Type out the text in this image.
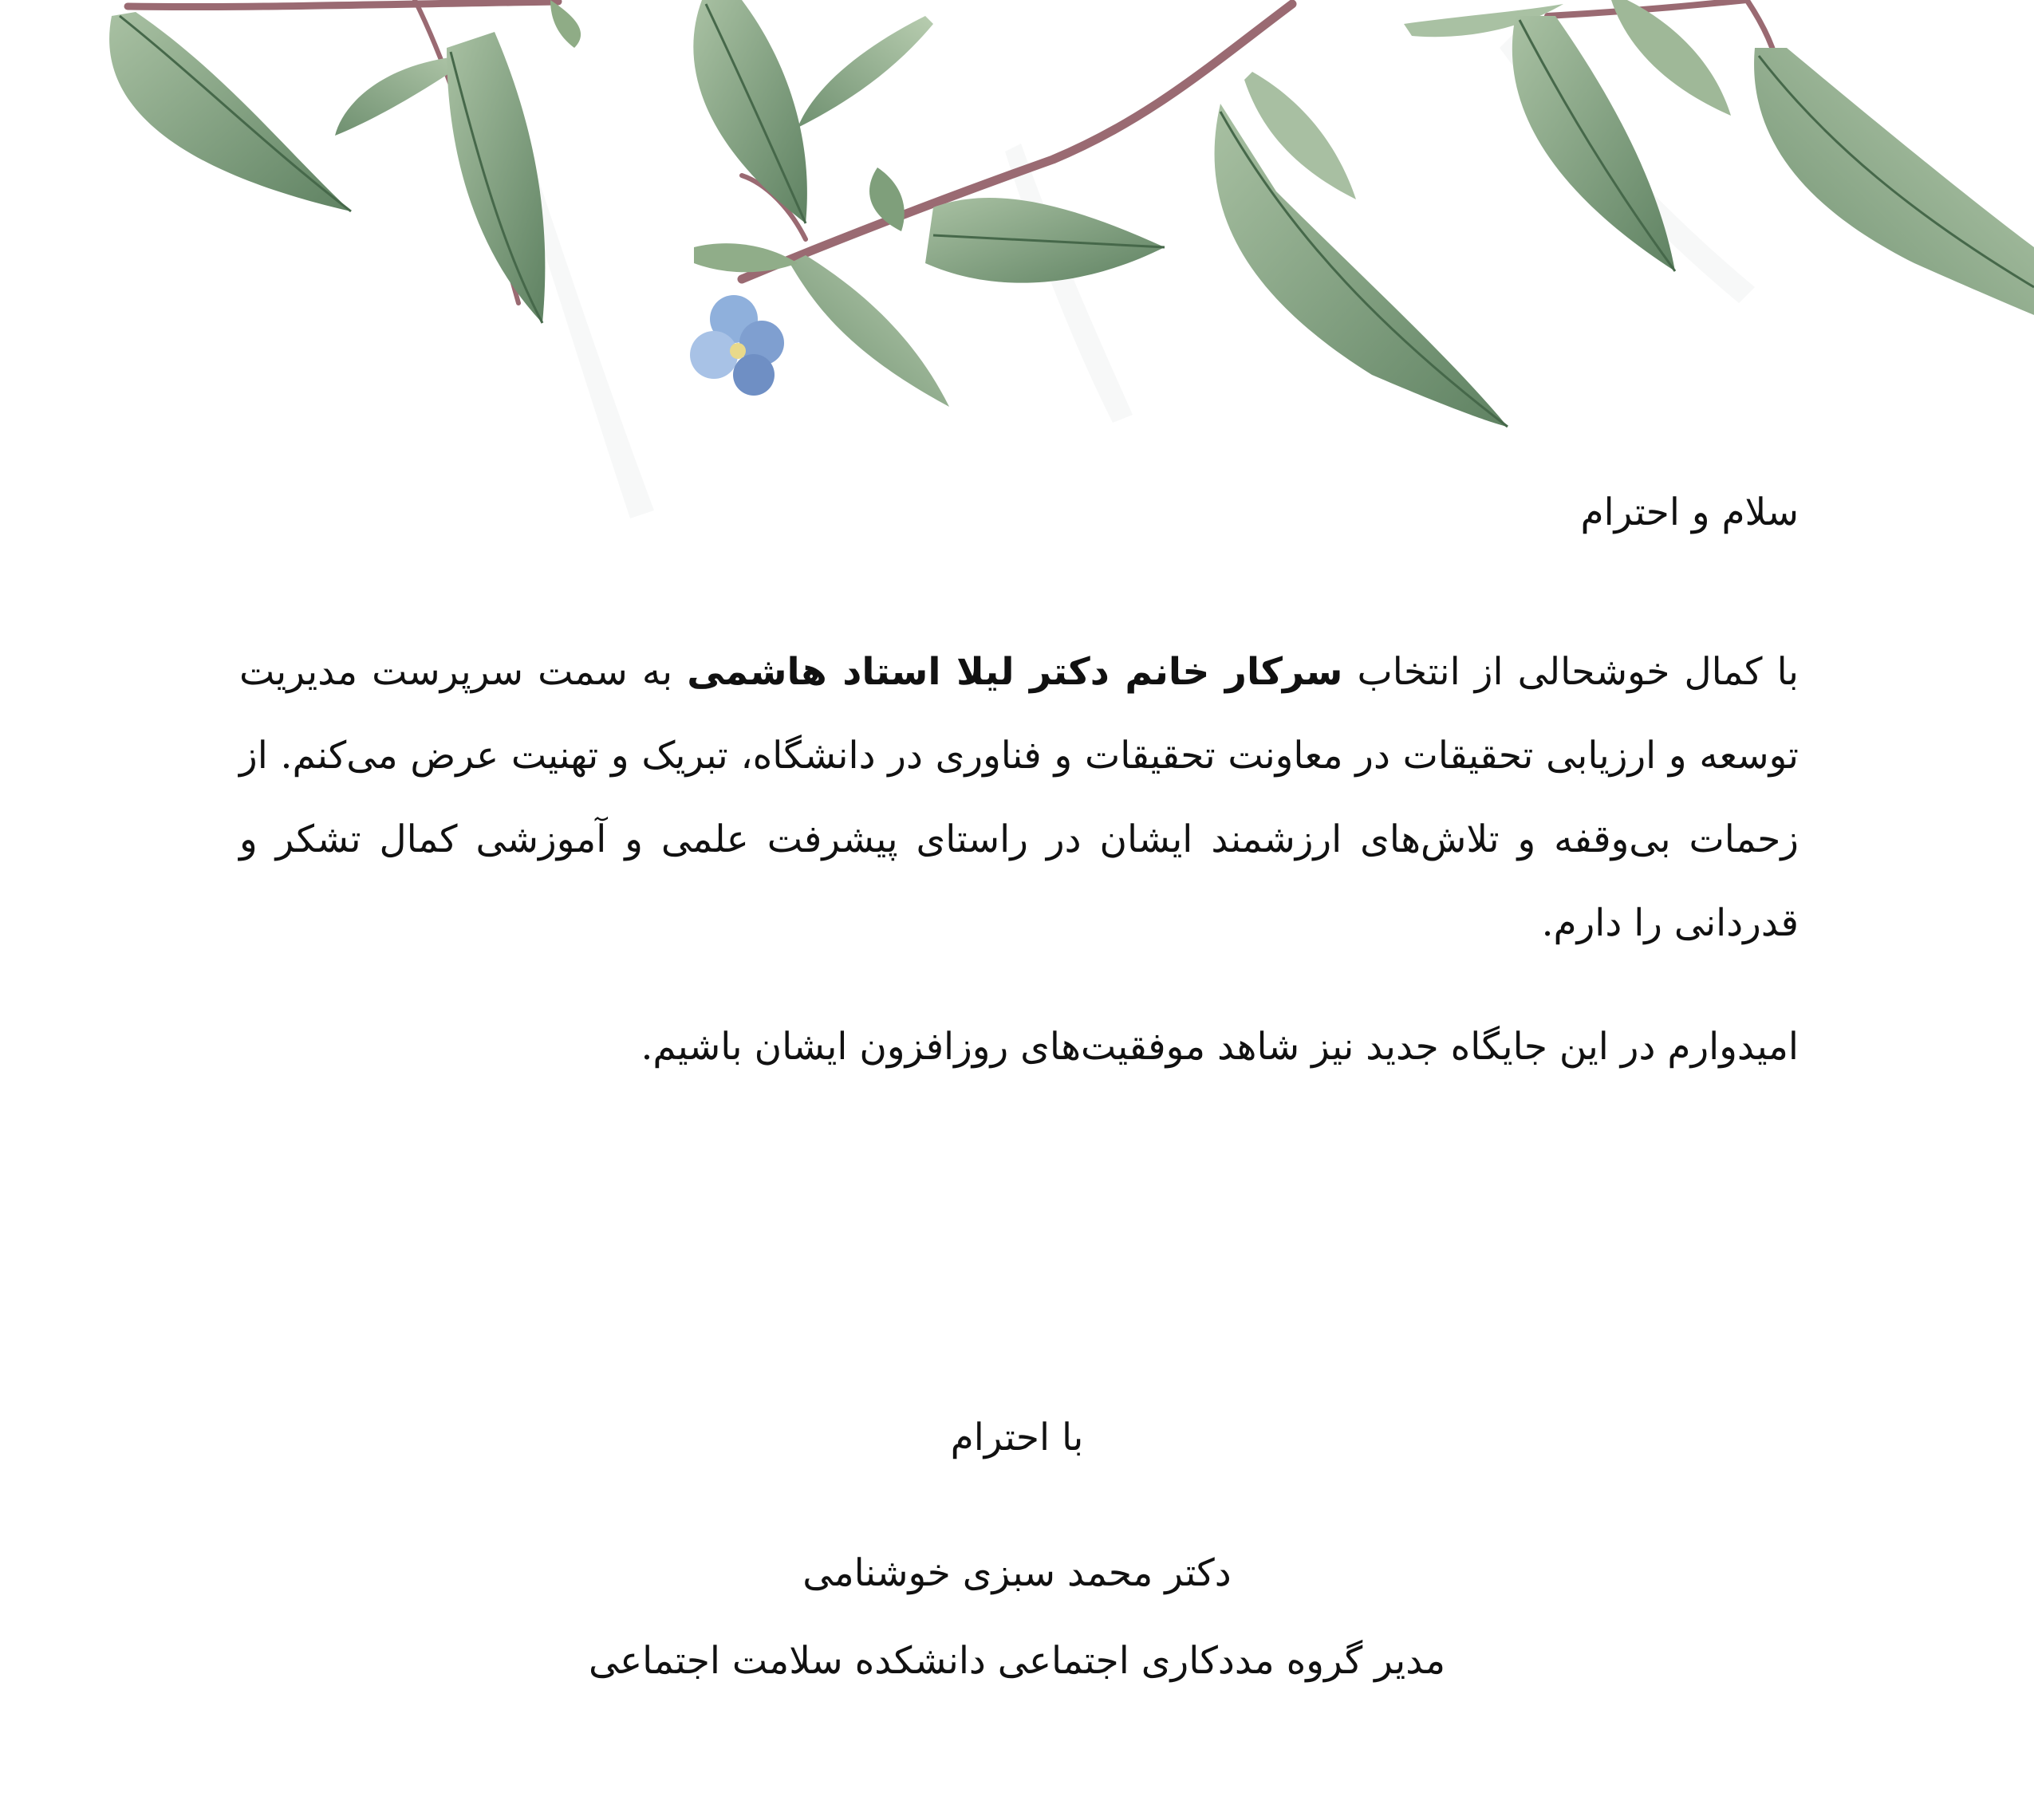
سلام و احترام

با کمال خوشحالی از انتخاب سرکار خانم دکتر لیلا استاد هاشمی به سمت سرپرست مدیریت توسعه و ارزیابی تحقیقات در معاونت تحقیقات و فناوری در دانشگاه، تبریک و تهنیت عرض می‌کنم. از زحمات بی‌وقفه و تلاش‌های ارزشمند ایشان در راستای پیشرفت علمی و آموزشی کمال تشکر و قدردانی را دارم.

امیدوارم در این جایگاه جدید نیز شاهد موفقیت‌های روزافزون ایشان باشیم.
با احترام
دکتر محمد سبزی خوشنامی
مدیر گروه مددکاری اجتماعی دانشکده سلامت اجتماعی
